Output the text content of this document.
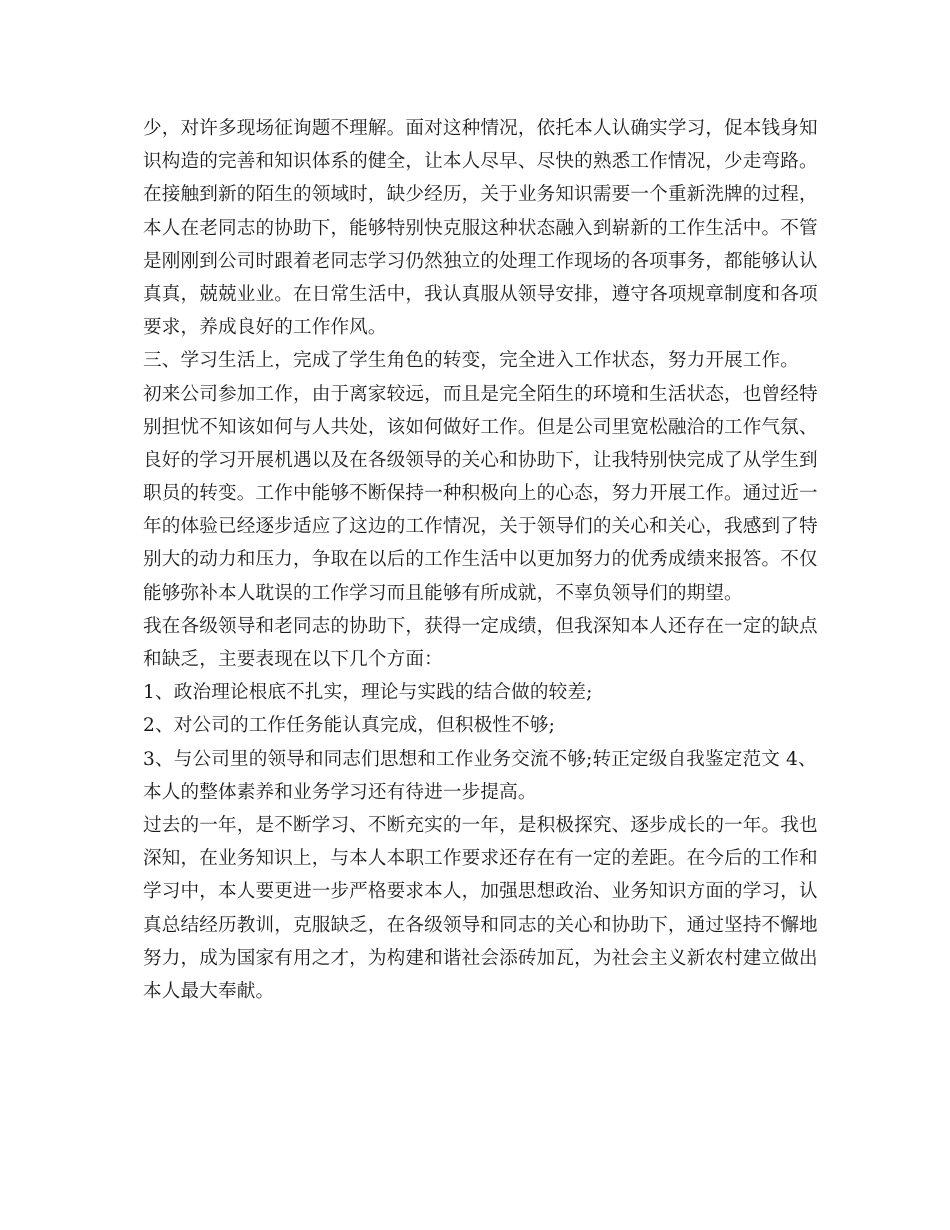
少，对许多现场征询题不理解。面对这种情况，依托本人认确实学习，促本钱身知
识构造的完善和知识体系的健全，让本人尽早、尽快的熟悉工作情况，少走弯路。
在接触到新的陌生的领域时，缺少经历，关于业务知识需要一个重新洗牌的过程，
本人在老同志的协助下，能够特别快克服这种状态融入到崭新的工作生活中。不管
是刚刚到公司时跟着老同志学习仍然独立的处理工作现场的各项事务，都能够认认
真真，兢兢业业。在日常生活中，我认真服从领导安排，遵守各项规章制度和各项
要求，养成良好的工作作风。
三、学习生活上，完成了学生角色的转变，完全进入工作状态，努力开展工作。
初来公司参加工作，由于离家较远，而且是完全陌生的环境和生活状态，也曾经特
别担忧不知该如何与人共处，该如何做好工作。但是公司里宽松融洽的工作气氛、
良好的学习开展机遇以及在各级领导的关心和协助下，让我特别快完成了从学生到
职员的转变。工作中能够不断保持一种积极向上的心态，努力开展工作。通过近一
年的体验已经逐步适应了这边的工作情况，关于领导们的关心和关心，我感到了特
别大的动力和压力，争取在以后的工作生活中以更加努力的优秀成绩来报答。不仅
能够弥补本人耽误的工作学习而且能够有所成就，不辜负领导们的期望。
我在各级领导和老同志的协助下，获得一定成绩，但我深知本人还存在一定的缺点
和缺乏，主要表现在以下几个方面：
1、政治理论根底不扎实，理论与实践的结合做的较差;
2、对公司的工作任务能认真完成，但积极性不够;
3、与公司里的领导和同志们思想和工作业务交流不够;转正定级自我鉴定范文 4、
本人的整体素养和业务学习还有待进一步提高。
过去的一年，是不断学习、不断充实的一年，是积极探究、逐步成长的一年。我也
深知，在业务知识上，与本人本职工作要求还存在有一定的差距。在今后的工作和
学习中，本人要更进一步严格要求本人，加强思想政治、业务知识方面的学习，认
真总结经历教训，克服缺乏，在各级领导和同志的关心和协助下，通过坚持不懈地
努力，成为国家有用之才，为构建和谐社会添砖加瓦，为社会主义新农村建立做出
本人最大奉献。
